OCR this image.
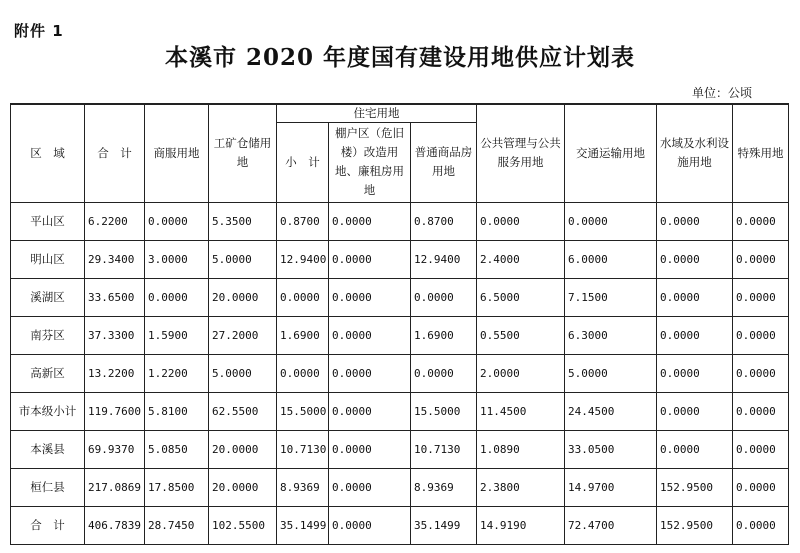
附件 1
本溪市 2020 年度国有建设用地供应计划表
单位：公顷
区　域	合　计	商服用地	工矿仓储用　地	住宅用地			公共管理与公共服务用地	交通运输用地	水域及水利设施用地	特殊用地
				小　计	棚户区（危旧楼）改造用地、廉租房用地	普通商品房用地				
平山区	6.2200	0.0000	5.3500	0.8700	0.0000	0.8700	0.0000	0.0000	0.0000	0.0000
明山区	29.3400	3.0000	5.0000	12.9400	0.0000	12.9400	2.4000	6.0000	0.0000	0.0000
溪湖区	33.6500	0.0000	20.0000	0.0000	0.0000	0.0000	6.5000	7.1500	0.0000	0.0000
南芬区	37.3300	1.5900	27.2000	1.6900	0.0000	1.6900	0.5500	6.3000	0.0000	0.0000
高新区	13.2200	1.2200	5.0000	0.0000	0.0000	0.0000	2.0000	5.0000	0.0000	0.0000
市本级小计	119.7600	5.8100	62.5500	15.5000	0.0000	15.5000	11.4500	24.4500	0.0000	0.0000
本溪县	69.9370	5.0850	20.0000	10.7130	0.0000	10.7130	1.0890	33.0500	0.0000	0.0000
桓仁县	217.0869	17.8500	20.0000	8.9369	0.0000	8.9369	2.3800	14.9700	152.9500	0.0000
合　计	406.7839	28.7450	102.5500	35.1499	0.0000	35.1499	14.9190	72.4700	152.9500	0.0000
